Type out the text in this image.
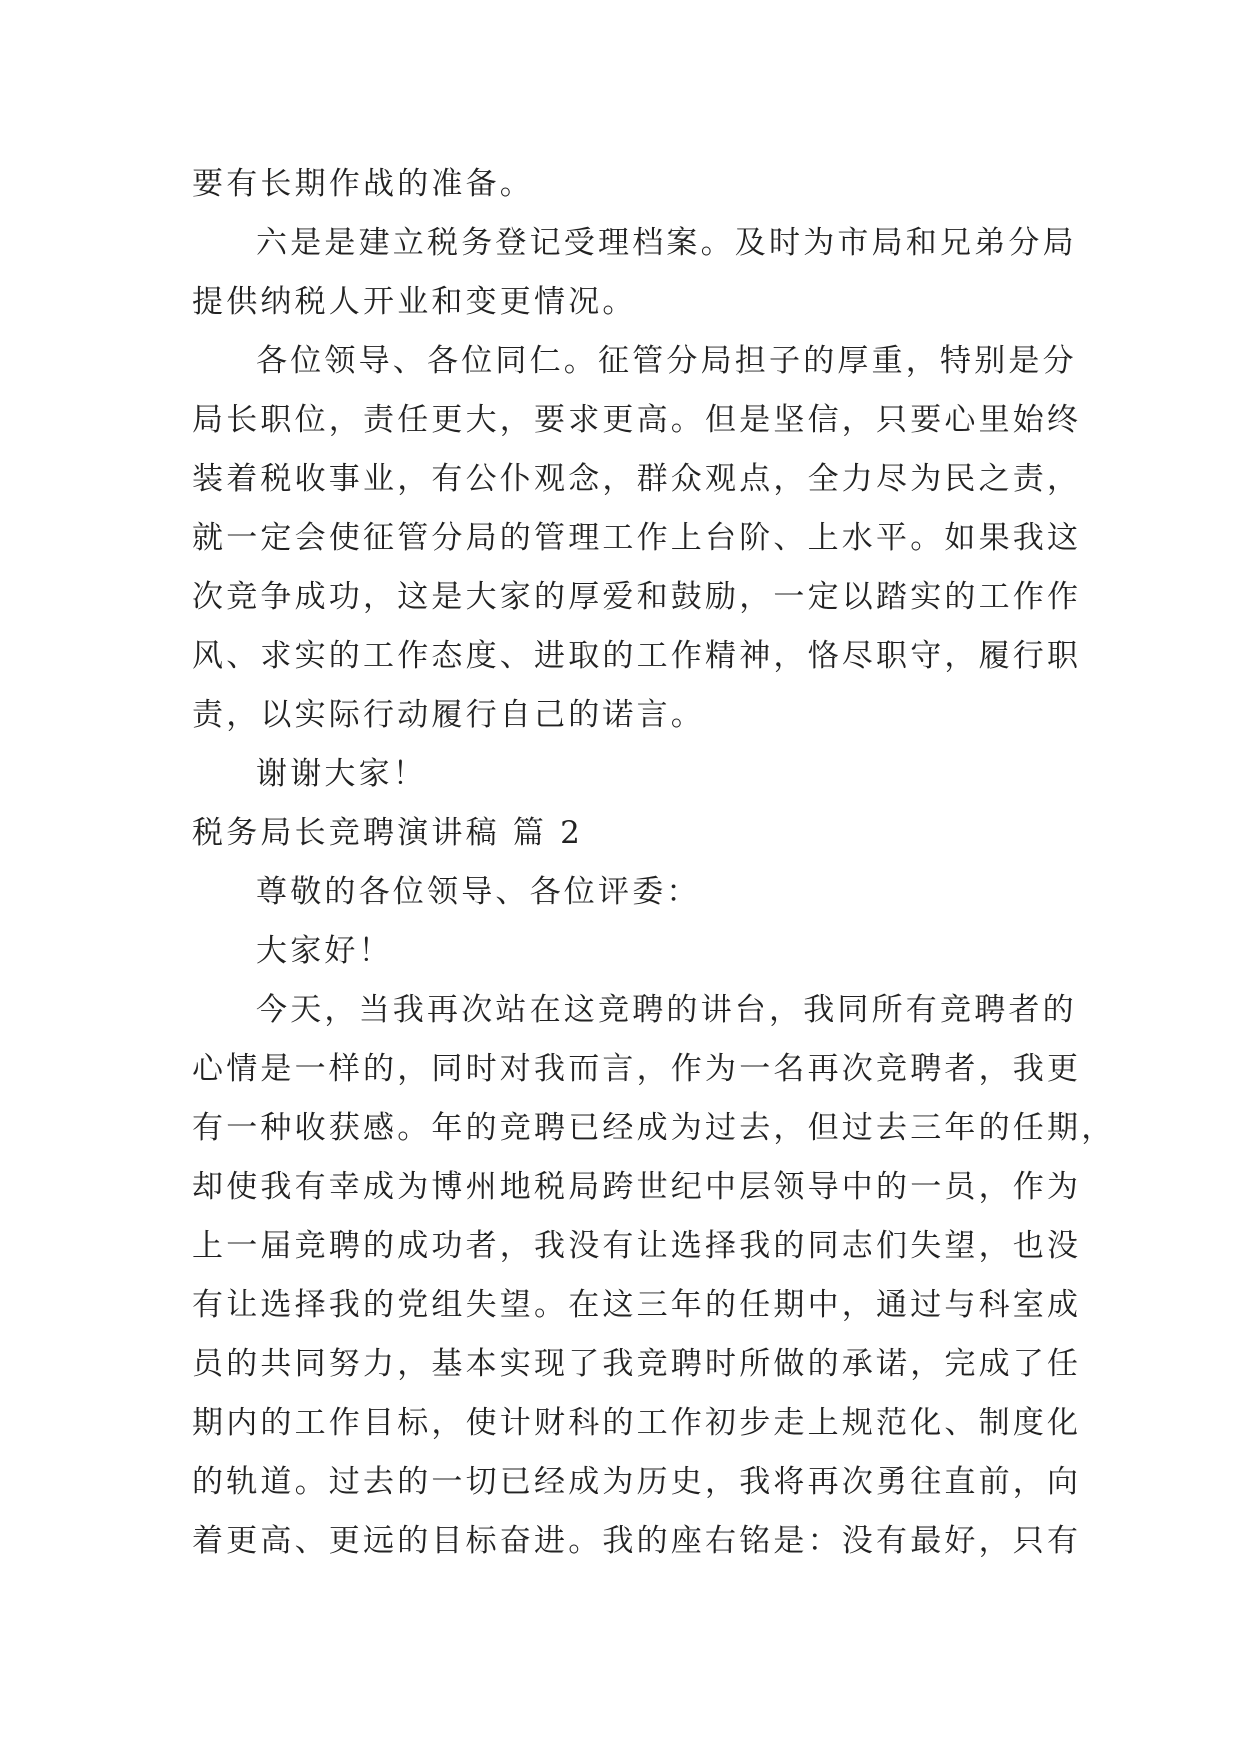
要有长期作战的准备。
六是是建立税务登记受理档案。及时为市局和兄弟分局
提供纳税人开业和变更情况。
各位领导、各位同仁。征管分局担子的厚重，特别是分
局长职位，责任更大，要求更高。但是坚信，只要心里始终
装着税收事业，有公仆观念，群众观点，全力尽为民之责，
就一定会使征管分局的管理工作上台阶、上水平。如果我这
次竞争成功，这是大家的厚爱和鼓励，一定以踏实的工作作
风、求实的工作态度、进取的工作精神，恪尽职守，履行职
责，以实际行动履行自己的诺言。
谢谢大家！
税务局长竞聘演讲稿 篇 2
尊敬的各位领导、各位评委：
大家好！
今天，当我再次站在这竞聘的讲台，我同所有竞聘者的
心情是一样的，同时对我而言，作为一名再次竞聘者，我更
有一种收获感。年的竞聘已经成为过去，但过去三年的任期，
却使我有幸成为博州地税局跨世纪中层领导中的一员，作为
上一届竞聘的成功者，我没有让选择我的同志们失望，也没
有让选择我的党组失望。在这三年的任期中，通过与科室成
员的共同努力，基本实现了我竞聘时所做的承诺，完成了任
期内的工作目标，使计财科的工作初步走上规范化、制度化
的轨道。过去的一切已经成为历史，我将再次勇往直前，向
着更高、更远的目标奋进。我的座右铭是：没有最好，只有
